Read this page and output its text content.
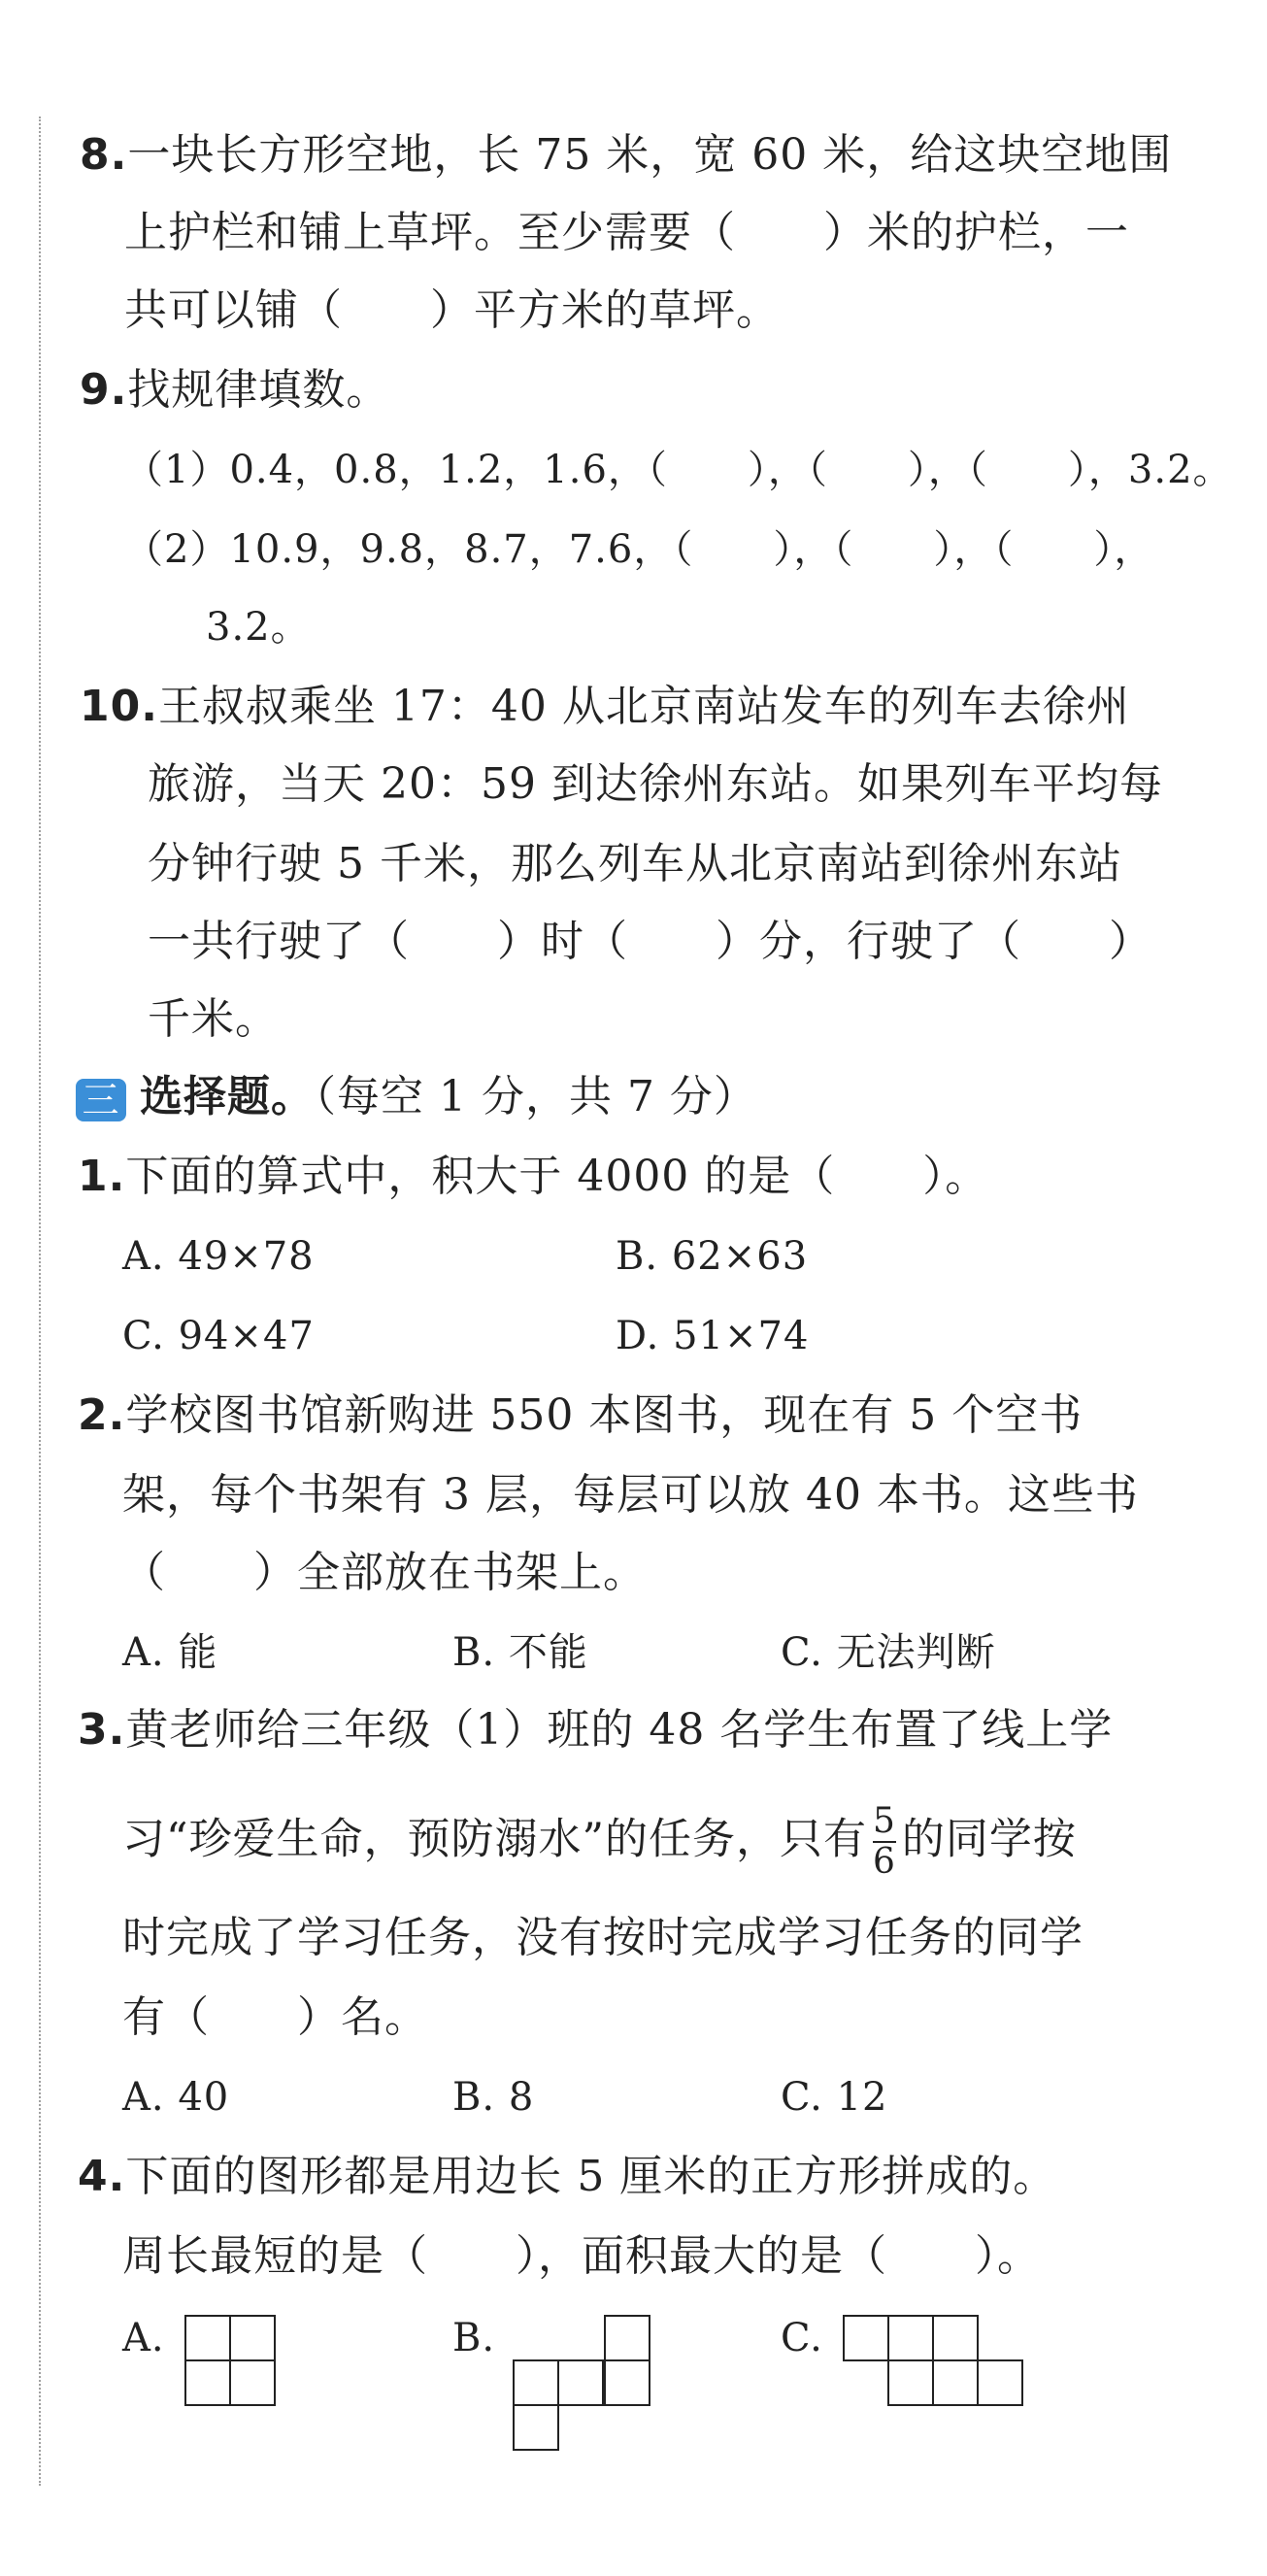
8.一块长方形空地，长 75 米，宽 60 米，给这块空地围
上护栏和铺上草坪。至少需要（　　）米的护栏，一
共可以铺（　　）平方米的草坪。
9.找规律填数。
（1）0.4，0.8，1.2，1.6，（　　），（　　），（　　），3.2。
（2）10.9，9.8，8.7，7.6，（　　），（　　），（　　），
3.2。
10.王叔叔乘坐 17：40 从北京南站发车的列车去徐州
旅游，当天 20：59 到达徐州东站。如果列车平均每
分钟行驶 5 千米，那么列车从北京南站到徐州东站
一共行驶了（　　）时（　　）分，行驶了（　　）
千米。
三 选择题。（每空 1 分，共 7 分）
1.下面的算式中，积大于 4000 的是（　　）。
A. 49×78	B. 62×63
C. 94×47	D. 51×74
2.学校图书馆新购进 550 本图书，现在有 5 个空书
架，每个书架有 3 层，每层可以放 40 本书。这些书
（　　）全部放在书架上。
A. 能	B. 不能	C. 无法判断
3.黄老师给三年级（1）班的 48 名学生布置了线上学
习“珍爱生命，预防溺水”的任务，只有 $\frac{5}{6}$ 的同学按
时完成了学习任务，没有按时完成学习任务的同学
有（　　）名。
A. 40	B. 8	C. 12
4.下面的图形都是用边长 5 厘米的正方形拼成的。
周长最短的是（　　），面积最大的是（　　）。
A.	B.	C.
